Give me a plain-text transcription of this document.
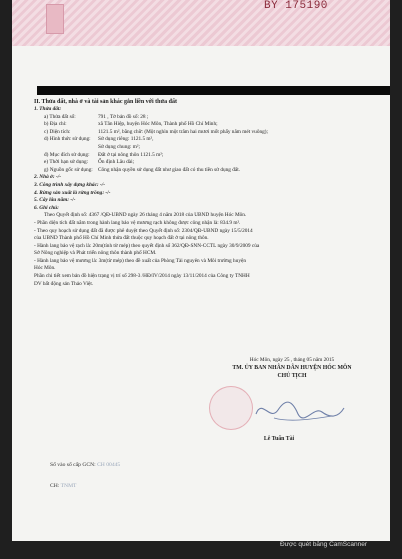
BY 175190
II. Thửa đất, nhà ở và tài sản khác gắn liền với thửa đất
1. Thửa đất:
a) Thửa đất số:	791 , Tờ bản đồ số: 28 ;
b) Địa chỉ:	xã Tân Hiệp, huyện Hóc Môn, Thành phố Hồ Chí Minh;
c) Diện tích:	1121.5 m², bằng chữ: (Một nghìn một trăm hai mươi mốt phẩy năm mét vuông);
d) Hình thức sử dụng:	Sử dụng riêng: 1121.5 m²,
Sử dụng chung: m²;
đ) Mục đích sử dụng:	Đất ở tại nông thôn 1121.5 m²;
e) Thời hạn sử dụng:	Ổn định Lâu dài;
g) Nguồn gốc sử dụng: Công nhận quyền sử dụng đất như giao đất có thu tiền sử dụng đất.
2. Nhà ở: -/-
3. Công trình xây dựng khác: -/-
4. Rừng sản xuất là rừng trồng: -/-
5. Cây lâu năm: -/-
6. Ghi chú:
Theo Quyết định số: 4367 /QĐ-UBND ngày 26 tháng 4 năm 2018 của UBND huyện Hóc Môn.
- Phần diện tích đất nằm trong hành lang bảo vệ mương rạch không được công nhận là: 834.9 m².
- Theo quy hoạch sử dụng đất đã được phê duyệt theo Quyết định số: 2304/QĐ-UBND ngày 15/5/2014
của UBND Thành phố Hồ Chí Minh thửa đất thuộc quy hoạch đất ở tại nông thôn.
- Hành lang bảo vệ rạch là: 20m(tính từ mép) theo quyết định số 362/QĐ-SNN-CCTL ngày 30/9/2009 của
Sở Nông nghiệp và Phát triển nông thôn thành phố HCM.
- Hành lang bảo vệ mương là: 3m(từ mép) theo đề xuất của Phòng Tài nguyên và Môi trường huyện
Hóc Môn.
Phần chi tiết xem bản đồ hiện trạng vị trí số 298-3 /HĐ/IV/2014 ngày 13/11/2014 của Công ty TNHH
DV bất động sản Thảo Việt.
Hóc Môn, ngày 25 , tháng 05 năm 2015
TM. ỦY BAN NHÂN DÂN HUYỆN HÓC MÔN
CHỦ TỊCH
Lê Tuấn Tài
Số vào sổ cấp GCN: CH 00445
CH: TNMT
Được quét bằng CamScanner
